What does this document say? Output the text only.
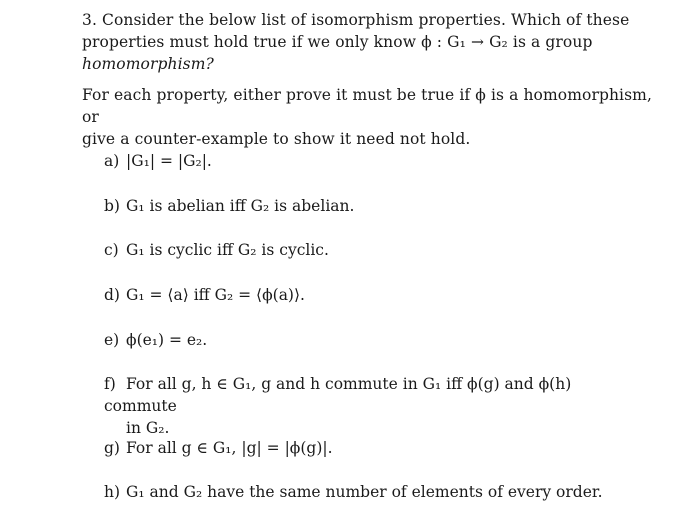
3. Consider the below list of isomorphism properties. Which of these
properties must hold true if we only know ϕ : G₁ → G₂ is a group
homomorphism?
For each property, either prove it must be true if ϕ is a homomorphism, or
give a counter-example to show it need not hold.
a) |G₁| = |G₂|.
b) G₁ is abelian iff G₂ is abelian.
c) G₁ is cyclic iff G₂ is cyclic.
d) G₁ = ⟨a⟩ iff G₂ = ⟨ϕ(a)⟩.
e) ϕ(e₁) = e₂.
f) For all g, h ∈ G₁, g and h commute in G₁ iff ϕ(g) and ϕ(h) commute
in G₂.
g) For all g ∈ G₁, |g| = |ϕ(g)|.
h) G₁ and G₂ have the same number of elements of every order.
